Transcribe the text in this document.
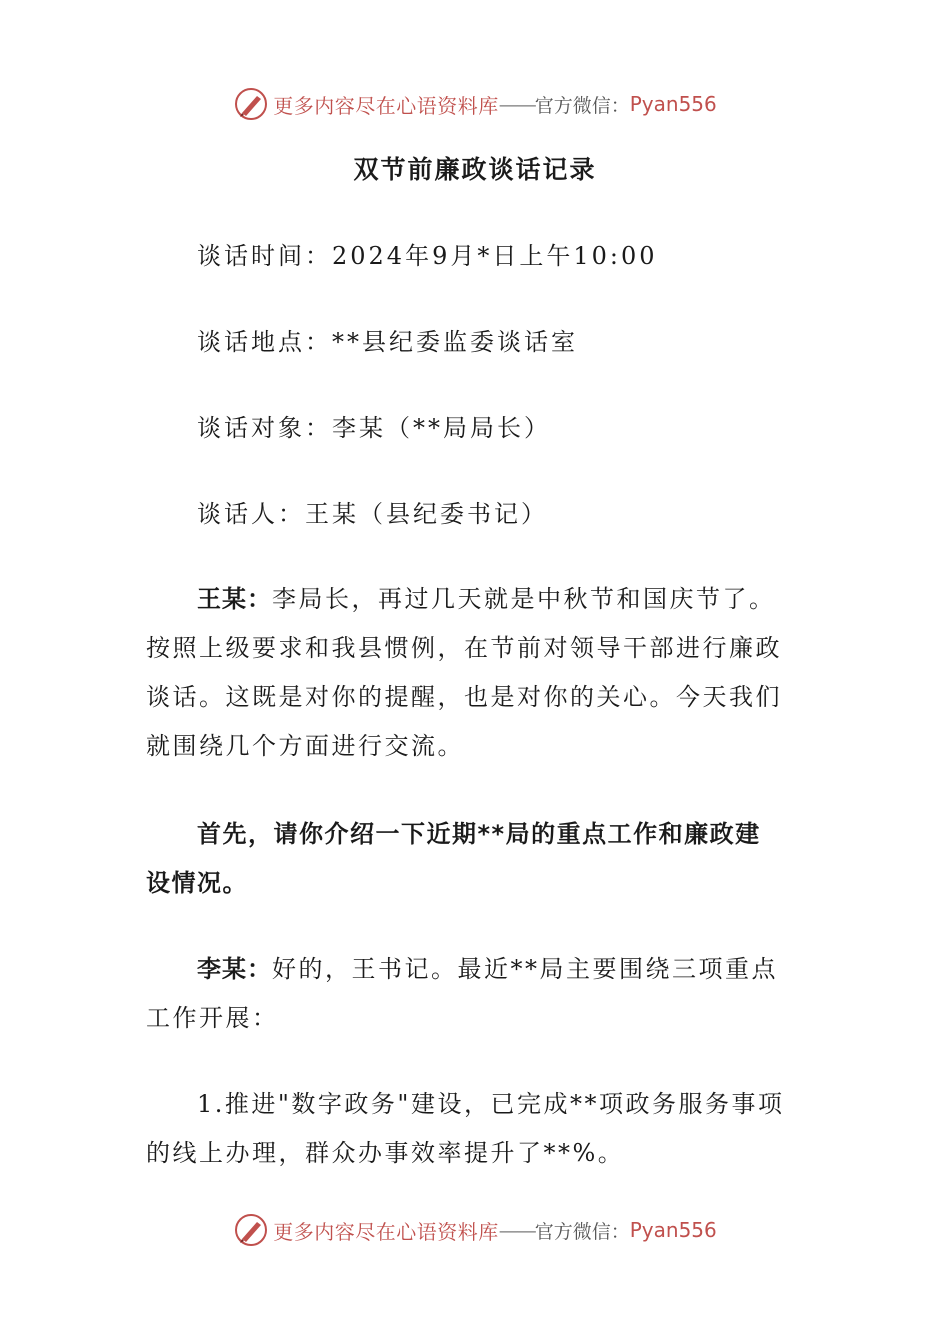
更多内容尽在心语资料库 —— 官方微信： Pyan556
双节前廉政谈话记录
谈话时间：2024年9月*日上午10:00
谈话地点：**县纪委监委谈话室
谈话对象：李某（**局局长）
谈话人：王某（县纪委书记）
王某：李局长，再过几天就是中秋节和国庆节了。按照上级要求和我县惯例，在节前对领导干部进行廉政谈话。这既是对你的提醒，也是对你的关心。今天我们就围绕几个方面进行交流。
首先，请你介绍一下近期**局的重点工作和廉政建设情况。
李某：好的，王书记。最近**局主要围绕三项重点工作开展：
1.推进"数字政务"建设，已完成**项政务服务事项的线上办理，群众办事效率提升了**%。
更多内容尽在心语资料库 —— 官方微信： Pyan556
